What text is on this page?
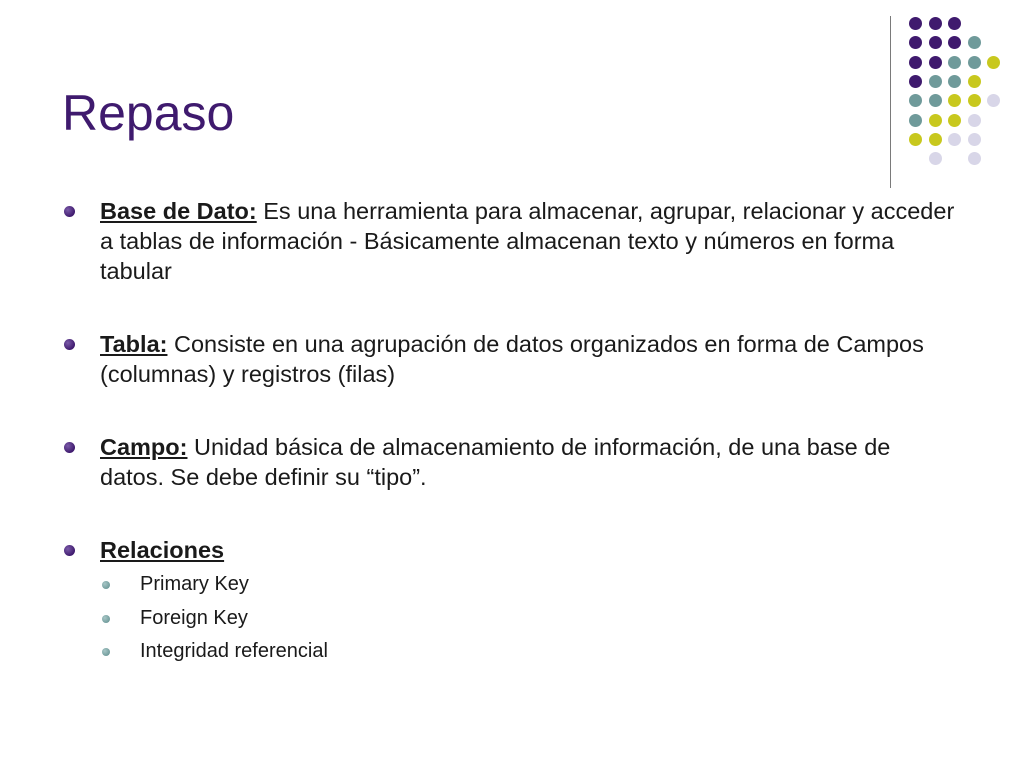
Repaso
Base de Dato: Es una herramienta para almacenar, agrupar, relacionar y acceder a tablas de información - Básicamente almacenan texto y números en forma tabular
Tabla: Consiste en una agrupación de datos organizados en forma de Campos (columnas) y registros (filas)
Campo: Unidad básica de almacenamiento de información, de una base de datos. Se debe definir su “tipo”.
Relaciones
Primary Key
Foreign Key
Integridad referencial
